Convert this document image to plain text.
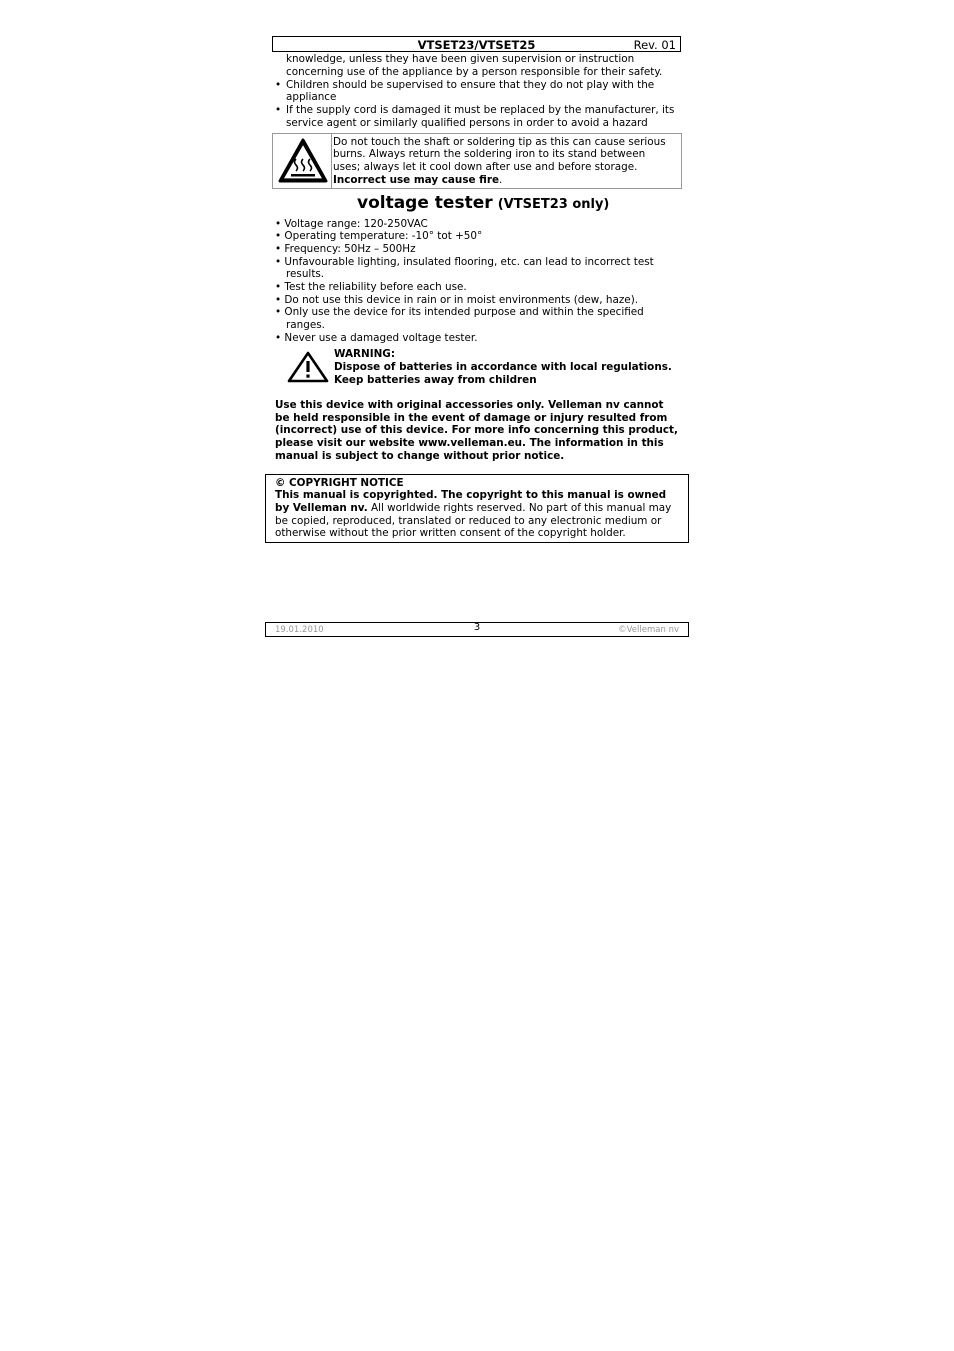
VTSET23/VTSET25	Rev. 01
knowledge, unless they have been given supervision or instruction
concerning use of the appliance by a person responsible for their safety.
• Children should be supervised to ensure that they do not play with the
appliance
• If the supply cord is damaged it must be replaced by the manufacturer, its
service agent or similarly qualified persons in order to avoid a hazard
Do not touch the shaft or soldering tip as this can cause serious
burns. Always return the soldering iron to its stand between
uses; always let it cool down after use and before storage.
Incorrect use may cause fire.
voltage tester (VTSET23 only)
• Voltage range: 120-250VAC
• Operating temperature: -10° tot +50°
• Frequency: 50Hz – 500Hz
• Unfavourable lighting, insulated flooring, etc. can lead to incorrect test
results.
• Test the reliability before each use.
• Do not use this device in rain or in moist environments (dew, haze).
• Only use the device for its intended purpose and within the specified
ranges.
• Never use a damaged voltage tester.
WARNING:
Dispose of batteries in accordance with local regulations.
Keep batteries away from children
Use this device with original accessories only. Velleman nv cannot
be held responsible in the event of damage or injury resulted from
(incorrect) use of this device. For more info concerning this product,
please visit our website www.velleman.eu. The information in this
manual is subject to change without prior notice.
© COPYRIGHT NOTICE
This manual is copyrighted. The copyright to this manual is owned
by Velleman nv. All worldwide rights reserved. No part of this manual may
be copied, reproduced, translated or reduced to any electronic medium or
otherwise without the prior written consent of the copyright holder.
19.01.2010	3	©Velleman nv
